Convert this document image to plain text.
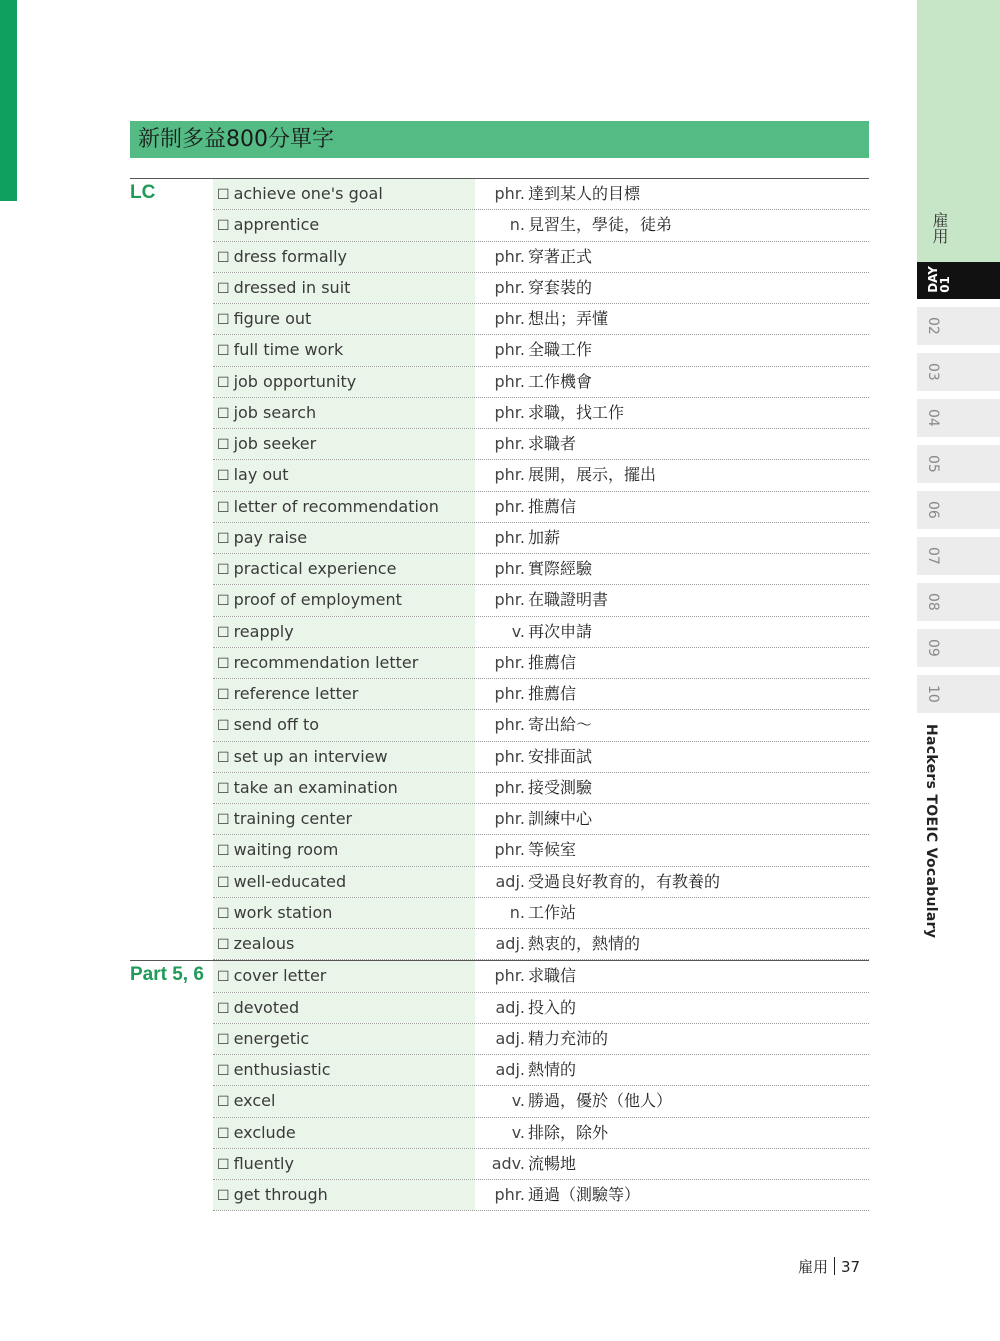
新制多益800分單字
LC	☐ achieve one's goal	phr. 達到某人的目標
☐ apprentice	n. 見習生，學徒，徒弟
☐ dress formally	phr. 穿著正式
☐ dressed in suit	phr. 穿套裝的
☐ figure out	phr. 想出；弄懂
☐ full time work	phr. 全職工作
☐ job opportunity	phr. 工作機會
☐ job search	phr. 求職，找工作
☐ job seeker	phr. 求職者
☐ lay out	phr. 展開，展示，擺出
☐ letter of recommendation	phr. 推薦信
☐ pay raise	phr. 加薪
☐ practical experience	phr. 實際經驗
☐ proof of employment	phr. 在職證明書
☐ reapply	v. 再次申請
☐ recommendation letter	phr. 推薦信
☐ reference letter	phr. 推薦信
☐ send off to	phr. 寄出給～
☐ set up an interview	phr. 安排面試
☐ take an examination	phr. 接受測驗
☐ training center	phr. 訓練中心
☐ waiting room	phr. 等候室
☐ well-educated	adj. 受過良好教育的，有教養的
☐ work station	n. 工作站
☐ zealous	adj. 熱衷的，熱情的
Part 5, 6 ☐ cover letter	phr. 求職信
☐ devoted	adj. 投入的
☐ energetic	adj. 精力充沛的
☐ enthusiastic	adj. 熱情的
☐ excel	v. 勝過，優於（他人）
☐ exclude	v. 排除，除外
☐ fluently	adv. 流暢地
☐ get through	phr. 通過（測驗等）
雇用
DAY
01
02
03
04
05
06
07
08
09
10
Hackers TOEIC Vocabulary
雇用 37
